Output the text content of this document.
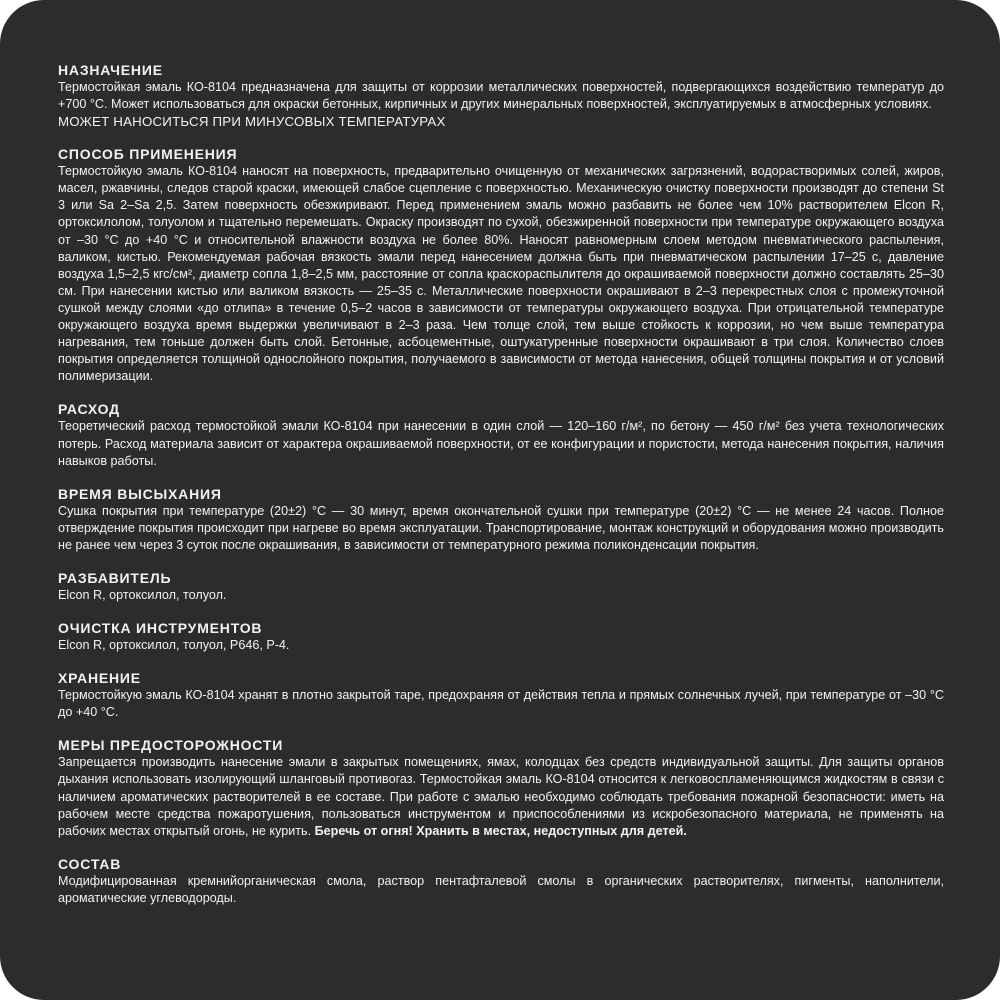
НАЗНАЧЕНИЕ

Термостойкая эмаль КО-8104 предназначена для защиты от коррозии металлических поверхностей, подвергающихся воздействию температур до +700 °С. Может использоваться для окраски бетонных, кирпичных и других минеральных поверхностей, эксплуатируемых в атмосферных условиях.

МОЖЕТ НАНОСИТЬСЯ ПРИ МИНУСОВЫХ ТЕМПЕРАТУРАХ
СПОСОБ ПРИМЕНЕНИЯ

Термостойкую эмаль КО-8104 наносят на поверхность, предварительно очищенную от механических загрязнений, водорастворимых солей, жиров, масел, ржавчины, следов старой краски, имеющей слабое сцепление с поверхностью. Механическую очистку поверхности производят до степени St 3 или Sa 2–Sa 2,5. Затем поверхность обезжиривают. Перед применением эмаль можно разбавить не более чем 10% растворителем Elcon R, ортоксилолом, толуолом и тщательно перемешать. Окраску производят по сухой, обезжиренной поверхности при температуре окружающего воздуха от –30 °С до +40 °С и относительной влажности воздуха не более 80%. Наносят равномерным слоем методом пневматического распыления, валиком, кистью. Рекомендуемая рабочая вязкость эмали перед нанесением должна быть при пневматическом распылении 17–25 с, давление воздуха 1,5–2,5 кгс/см², диаметр сопла 1,8–2,5 мм, расстояние от сопла краскораспылителя до окрашиваемой поверхности должно составлять 25–30 см. При нанесении кистью или валиком вязкость — 25–35 с. Металлические поверхности окрашивают в 2–3 перекрестных слоя с промежуточной сушкой между слоями «до отлипа» в течение 0,5–2 часов в зависимости от температуры окружающего воздуха. При отрицательной температуре окружающего воздуха время выдержки увеличивают в 2–3 раза. Чем толще слой, тем выше стойкость к коррозии, но чем выше температура нагревания, тем тоньше должен быть слой. Бетонные, асбоцементные, оштукатуренные поверхности окрашивают в три слоя. Количество слоев покрытия определяется толщиной однослойного покрытия, получаемого в зависимости от метода нанесения, общей толщины покрытия и от условий полимеризации.

РАСХОД

Теоретический расход термостойкой эмали КО-8104 при нанесении в один слой — 120–160 г/м², по бетону — 450 г/м² без учета технологических потерь. Расход материала зависит от характера окрашиваемой поверхности, от ее конфигурации и пористости, метода нанесения покрытия, наличия навыков работы.

ВРЕМЯ ВЫСЫХАНИЯ

Сушка покрытия при температуре (20±2) °С — 30 минут, время окончательной сушки при температуре (20±2) °С — не менее 24 часов. Полное отверждение покрытия происходит при нагреве во время эксплуатации. Транспортирование, монтаж конструкций и оборудования можно производить не ранее чем через 3 суток после окрашивания, в зависимости от температурного режима поликонденсации покрытия.

РАЗБАВИТЕЛЬ

Elcon R, ортоксилол, толуол.

ОЧИСТКА ИНСТРУМЕНТОВ

Elcon R, ортоксилол, толуол, Р646, Р-4.

ХРАНЕНИЕ

Термостойкую эмаль КО-8104 хранят в плотно закрытой таре, предохраняя от действия тепла и прямых солнечных лучей, при температуре от –30 °С до +40 °С.

МЕРЫ ПРЕДОСТОРОЖНОСТИ

Запрещается производить нанесение эмали в закрытых помещениях, ямах, колодцах без средств индивидуальной защиты. Для защиты органов дыхания использовать изолирующий шланговый противогаз. Термостойкая эмаль КО-8104 относится к легковоспламеняющимся жидкостям в связи с наличием ароматических растворителей в ее составе. При работе с эмалью необходимо соблюдать требования пожарной безопасности: иметь на рабочем месте средства пожаротушения, пользоваться инструментом и приспособлениями из искробезопасного материала, не применять на рабочих местах открытый огонь, не курить. Беречь от огня! Хранить в местах, недоступных для детей.

СОСТАВ

Модифицированная кремнийорганическая смола, раствор пентафталевой смолы в органических растворителях, пигменты, наполнители, ароматические углеводороды.
